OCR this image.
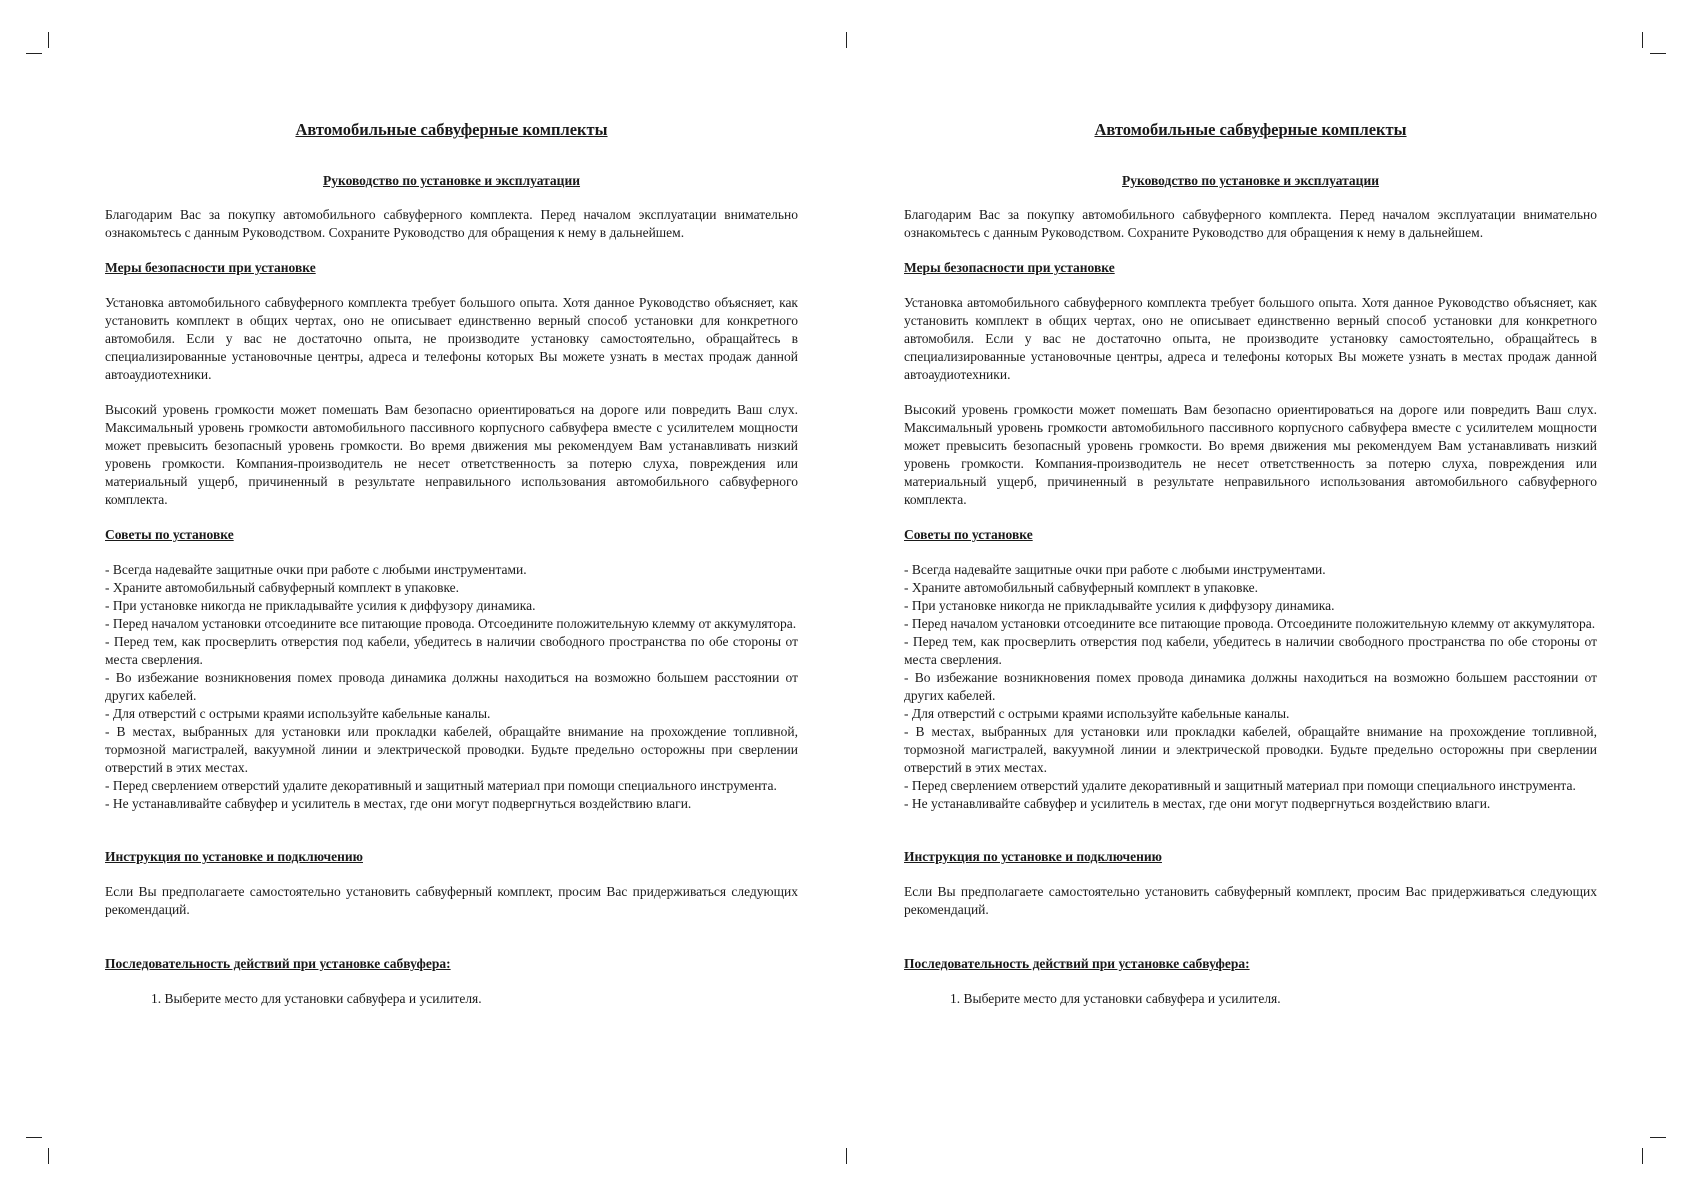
Автомобильные сабвуферные комплекты
Руководство по установке и эксплуатации

Благодарим Вас за покупку автомобильного сабвуферного комплекта. Перед началом эксплуатации внимательно ознакомьтесь с данным Руководством. Сохраните Руководство для обращения к нему в дальнейшем.

Меры безопасности при установке

Установка автомобильного сабвуферного комплекта требует большого опыта. Хотя данное Руководство объясняет, как установить комплект в общих чертах, оно не описывает единственно верный способ установки для конкретного автомобиля. Если у вас не достаточно опыта, не производите установку самостоятельно, обращайтесь в специализированные установочные центры, адреса и телефоны которых Вы можете узнать в местах продаж данной автоаудиотехники.

Высокий уровень громкости может помешать Вам безопасно ориентироваться на дороге или повредить Ваш слух. Максимальный уровень громкости автомобильного пассивного корпусного сабвуфера вместе с усилителем мощности может превысить безопасный уровень громкости. Во время движения мы рекомендуем Вам устанавливать низкий уровень громкости. Компания-производитель не несет ответственность за потерю слуха, повреждения или материальный ущерб, причиненный в результате неправильного использования автомобильного сабвуферного комплекта.

Советы по установке
- Всегда надевайте защитные очки при работе с любыми инструментами.
- Храните автомобильный сабвуферный комплект в упаковке.
- При установке никогда не прикладывайте усилия к диффузору динамика.
- Перед началом установки отсоедините все питающие провода. Отсоедините положительную клемму от аккумулятора.
- Перед тем, как просверлить отверстия под кабели, убедитесь в наличии свободного пространства по обе стороны от места сверления.
- Во избежание возникновения помех провода динамика должны находиться на возможно большем расстоянии от других кабелей.
- Для отверстий с острыми краями используйте кабельные каналы.
- В местах, выбранных для установки или прокладки кабелей, обращайте внимание на прохождение топливной, тормозной магистралей, вакуумной линии и электрической проводки. Будьте предельно осторожны при сверлении отверстий в этих местах.
- Перед сверлением отверстий удалите декоративный и защитный материал при помощи специального инструмента.
- Не устанавливайте сабвуфер и усилитель в местах, где они могут подвергнуться воздействию влаги.
Инструкция по установке и подключению

Если Вы предполагаете самостоятельно установить сабвуферный комплект, просим Вас придерживаться следующих рекомендаций.

Последовательность действий при установке сабвуфера:

1. Выберите место для установки сабвуфера и усилителя.

Автомобильные сабвуферные комплекты
Руководство по установке и эксплуатации

Благодарим Вас за покупку автомобильного сабвуферного комплекта. Перед началом эксплуатации внимательно ознакомьтесь с данным Руководством. Сохраните Руководство для обращения к нему в дальнейшем.

Меры безопасности при установке

Установка автомобильного сабвуферного комплекта требует большого опыта. Хотя данное Руководство объясняет, как установить комплект в общих чертах, оно не описывает единственно верный способ установки для конкретного автомобиля. Если у вас не достаточно опыта, не производите установку самостоятельно, обращайтесь в специализированные установочные центры, адреса и телефоны которых Вы можете узнать в местах продаж данной автоаудиотехники.

Высокий уровень громкости может помешать Вам безопасно ориентироваться на дороге или повредить Ваш слух. Максимальный уровень громкости автомобильного пассивного корпусного сабвуфера вместе с усилителем мощности может превысить безопасный уровень громкости. Во время движения мы рекомендуем Вам устанавливать низкий уровень громкости. Компания-производитель не несет ответственность за потерю слуха, повреждения или материальный ущерб, причиненный в результате неправильного использования автомобильного сабвуферного комплекта.

Советы по установке
- Всегда надевайте защитные очки при работе с любыми инструментами.
- Храните автомобильный сабвуферный комплект в упаковке.
- При установке никогда не прикладывайте усилия к диффузору динамика.
- Перед началом установки отсоедините все питающие провода. Отсоедините положительную клемму от аккумулятора.
- Перед тем, как просверлить отверстия под кабели, убедитесь в наличии свободного пространства по обе стороны от места сверления.
- Во избежание возникновения помех провода динамика должны находиться на возможно большем расстоянии от других кабелей.
- Для отверстий с острыми краями используйте кабельные каналы.
- В местах, выбранных для установки или прокладки кабелей, обращайте внимание на прохождение топливной, тормозной магистралей, вакуумной линии и электрической проводки. Будьте предельно осторожны при сверлении отверстий в этих местах.
- Перед сверлением отверстий удалите декоративный и защитный материал при помощи специального инструмента.
- Не устанавливайте сабвуфер и усилитель в местах, где они могут подвергнуться воздействию влаги.
Инструкция по установке и подключению

Если Вы предполагаете самостоятельно установить сабвуферный комплект, просим Вас придерживаться следующих рекомендаций.

Последовательность действий при установке сабвуфера:

1. Выберите место для установки сабвуфера и усилителя.
